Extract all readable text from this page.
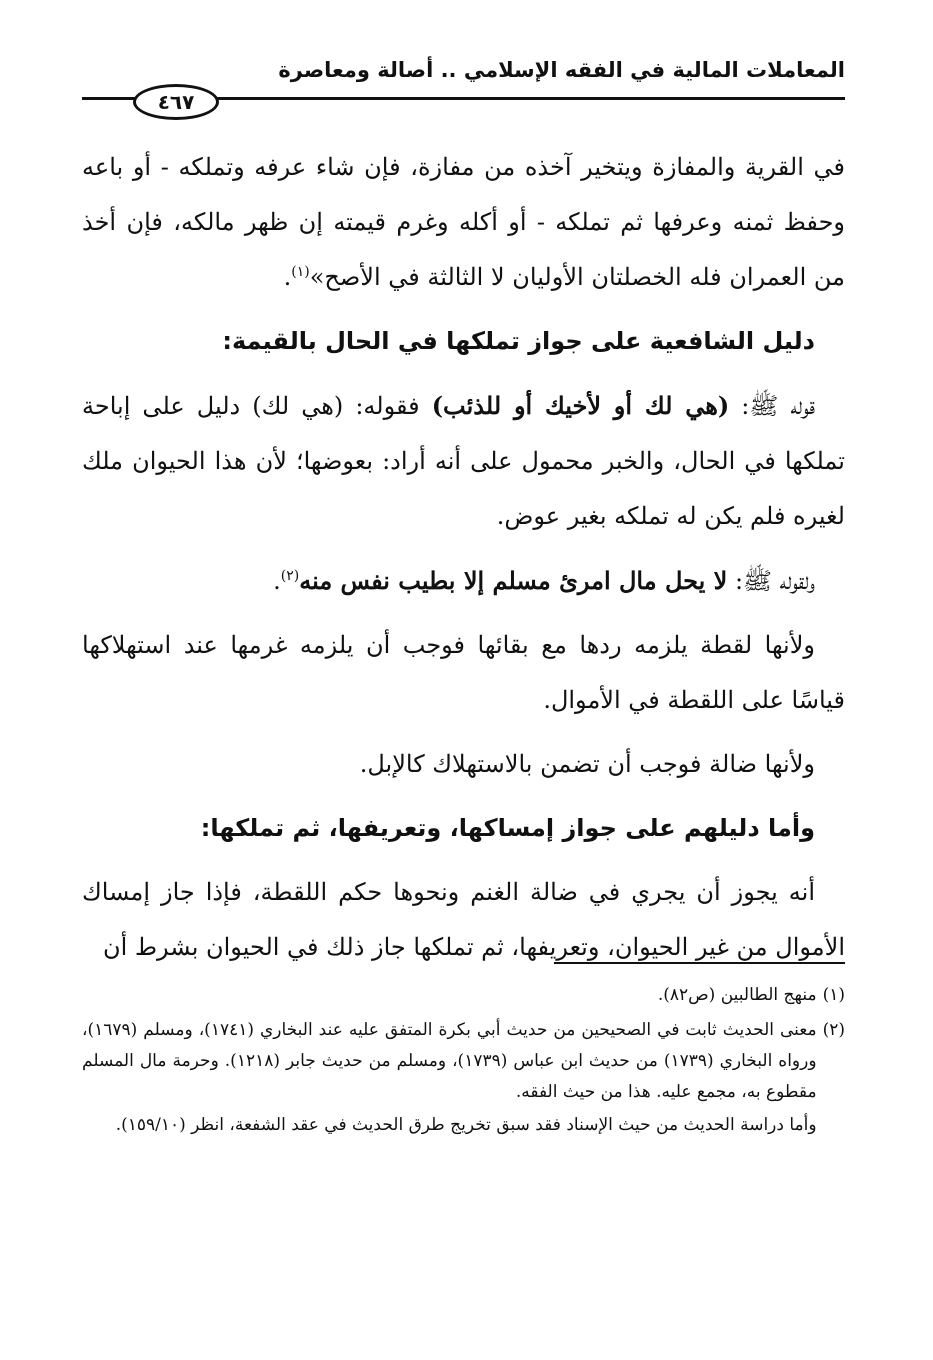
المعاملات المالية في الفقه الإسلامي .. أصالة ومعاصرة
٤٦٧

في القرية والمفازة ويتخير آخذه من مفازة، فإن شاء عرفه وتملكه - أو باعه وحفظ ثمنه وعرفها ثم تملكه - أو أكله وغرم قيمته إن ظهر مالكه، فإن أخذ من العمران فله الخصلتان الأوليان لا الثالثة في الأصح»$^{(١)}$.

دليل الشافعية على جواز تملكها في الحال بالقيمة:

قوله ﷺ: (هي لك أو لأخيك أو للذئب) فقوله: (هي لك) دليل على إباحة تملكها في الحال، والخبر محمول على أنه أراد: بعوضها؛ لأن هذا الحيوان ملك لغيره فلم يكن له تملكه بغير عوض.

ولقوله ﷺ: لا يحل مال امرئ مسلم إلا بطيب نفس منه$^{(٢)}$.

ولأنها لقطة يلزمه ردها مع بقائها فوجب أن يلزمه غرمها عند استهلاكها قياسًا على اللقطة في الأموال.

ولأنها ضالة فوجب أن تضمن بالاستهلاك كالإبل.

وأما دليلهم على جواز إمساكها، وتعريفها، ثم تملكها:

أنه يجوز أن يجري في ضالة الغنم ونحوها حكم اللقطة، فإذا جاز إمساك الأموال من غير الحيوان، وتعريفها، ثم تملكها جاز ذلك في الحيوان بشرط أن

(١)
منهج الطالبين (ص٨٢).
(٢)
معنى الحديث ثابت في الصحيحين من حديث أبي بكرة المتفق عليه عند البخاري (١٧٤١)، ومسلم (١٦٧٩)، ورواه البخاري (١٧٣٩) من حديث ابن عباس (١٧٣٩)، ومسلم من حديث جابر (١٢١٨). وحرمة مال المسلم مقطوع به، مجمع عليه. هذا من حيث الفقه.
وأما دراسة الحديث من حيث الإسناد فقد سبق تخريج طرق الحديث في عقد الشفعة، انظر (١٥٩/١٠).
